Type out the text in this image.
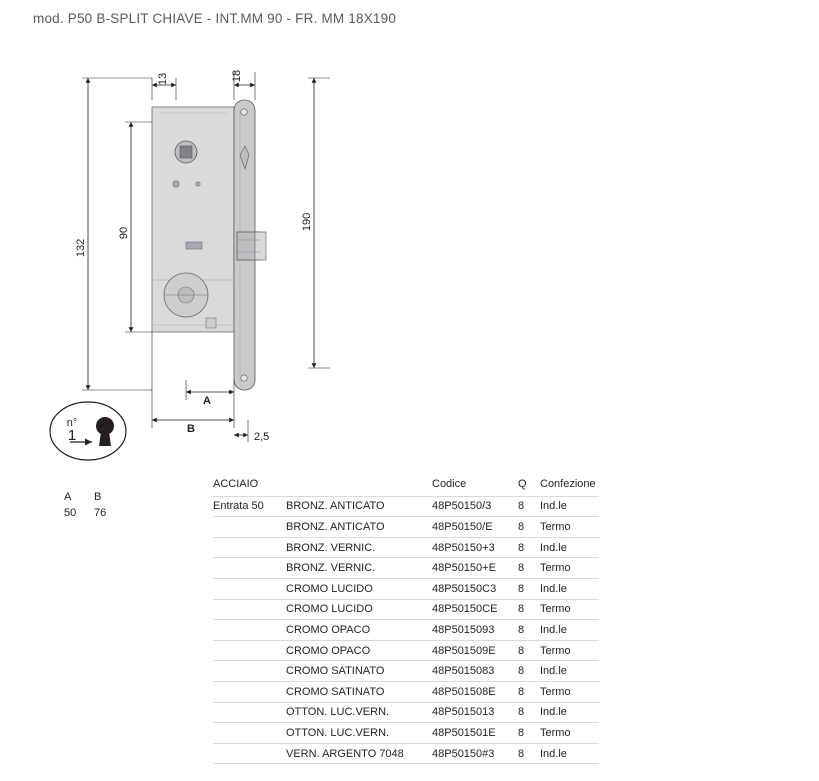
mod. P50 B-SPLIT CHIAVE - INT.MM 90 - FR. MM 18X190
132
90
190
13	18
A
B
2,5
n°
1
A	B
50	76
ACCIAIO		Codice	Q	Confezione
Entrata 50	BRONZ. ANTICATO	48P50150/3	8	Ind.le
	BRONZ. ANTICATO	48P50150/E	8	Termo
	BRONZ. VERNIC.	48P50150+3	8	Ind.le
	BRONZ. VERNIC.	48P50150+E	8	Termo
	CROMO LUCIDO	48P50150C3	8	Ind.le
	CROMO LUCIDO	48P50150CE	8	Termo
	CROMO OPACO	48P5015093	8	Ind.le
	CROMO OPACO	48P501509E	8	Termo
	CROMO SATINATO	48P5015083	8	Ind.le
	CROMO SATINATO	48P501508E	8	Termo
	OTTON. LUC.VERN.	48P5015013	8	Ind.le
	OTTON. LUC.VERN.	48P501501E	8	Termo
	VERN. ARGENTO 7048	48P50150#3	8	Ind.le
